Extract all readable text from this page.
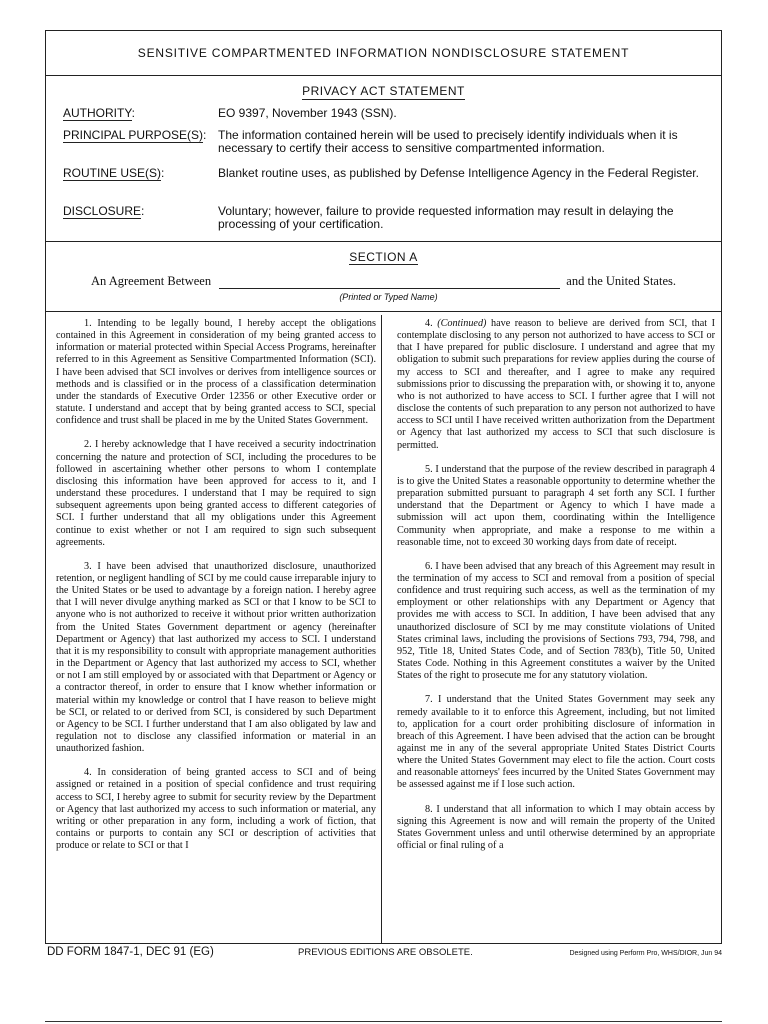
SENSITIVE COMPARTMENTED INFORMATION NONDISCLOSURE STATEMENT
PRIVACY ACT STATEMENT
AUTHORITY:	EO 9397, November 1943 (SSN).
PRINCIPAL PURPOSE(S): The information contained herein will be used to precisely identify individuals when it is necessary to certify their access to sensitive compartmented information.
ROUTINE USE(S):	Blanket routine uses, as published by Defense Intelligence Agency in the Federal Register.
DISCLOSURE:	Voluntary; however, failure to provide requested information may result in delaying the processing of your certification.
SECTION A
An Agreement Between	and the United States.
(Printed or Typed Name)

1. Intending to be legally bound, I hereby accept the obligations contained in this Agreement in consideration of my being granted access to information or material protected within Special Access Programs, hereinafter referred to in this Agreement as Sensitive Compartmented Information (SCI). I have been advised that SCI involves or derives from intelligence sources or methods and is classified or in the process of a classification determination under the standards of Executive Order 12356 or other Executive order or statute. I understand and accept that by being granted access to SCI, special confidence and trust shall be placed in me by the United States Government.

2. I hereby acknowledge that I have received a security indoctrination concerning the nature and protection of SCI, including the procedures to be followed in ascertaining whether other persons to whom I contemplate disclosing this information have been approved for access to it, and I understand these procedures. I understand that I may be required to sign subsequent agreements upon being granted access to different categories of SCI. I further understand that all my obligations under this Agreement continue to exist whether or not I am required to sign such subsequent agreements.

3. I have been advised that unauthorized disclosure, unauthorized retention, or negligent handling of SCI by me could cause irreparable injury to the United States or be used to advantage by a foreign nation. I hereby agree that I will never divulge anything marked as SCI or that I know to be SCI to anyone who is not authorized to receive it without prior written authorization from the United States Government department or agency (hereinafter Department or Agency) that last authorized my access to SCI. I understand that it is my responsibility to consult with appropriate management authorities in the Department or Agency that last authorized my access to SCI, whether or not I am still employed by or associated with that Department or Agency or a contractor thereof, in order to ensure that I know whether information or material within my knowledge or control that I have reason to believe might be SCI, or related to or derived from SCI, is considered by such Department or Agency to be SCI. I further understand that I am also obligated by law and regulation not to disclose any classified information or material in an unauthorized fashion.

4. In consideration of being granted access to SCI and of being assigned or retained in a position of special confidence and trust requiring access to SCI, I hereby agree to submit for security review by the Department or Agency that last authorized my access to such information or material, any writing or other preparation in any form, including a work of fiction, that contains or purports to contain any SCI or description of activities that produce or relate to SCI or that I

4. (Continued) have reason to believe are derived from SCI, that I contemplate disclosing to any person not authorized to have access to SCI or that I have prepared for public disclosure. I understand and agree that my obligation to submit such preparations for review applies during the course of my access to SCI and thereafter, and I agree to make any required submissions prior to discussing the preparation with, or showing it to, anyone who is not authorized to have access to SCI. I further agree that I will not disclose the contents of such preparation to any person not authorized to have access to SCI until I have received written authorization from the Department or Agency that last authorized my access to SCI that such disclosure is permitted.

5. I understand that the purpose of the review described in paragraph 4 is to give the United States a reasonable opportunity to determine whether the preparation submitted pursuant to paragraph 4 set forth any SCI. I further understand that the Department or Agency to which I have made a submission will act upon them, coordinating within the Intelligence Community when appropriate, and make a response to me within a reasonable time, not to exceed 30 working days from date of receipt.

6. I have been advised that any breach of this Agreement may result in the termination of my access to SCI and removal from a position of special confidence and trust requiring such access, as well as the termination of my employment or other relationships with any Department or Agency that provides me with access to SCI. In addition, I have been advised that any unauthorized disclosure of SCI by me may constitute violations of United States criminal laws, including the provisions of Sections 793, 794, 798, and 952, Title 18, United States Code, and of Section 783(b), Title 50, United States Code. Nothing in this Agreement constitutes a waiver by the United States of the right to prosecute me for any statutory violation.

7. I understand that the United States Government may seek any remedy available to it to enforce this Agreement, including, but not limited to, application for a court order prohibiting disclosure of information in breach of this Agreement. I have been advised that the action can be brought against me in any of the several appropriate United States District Courts where the United States Government may elect to file the action. Court costs and reasonable attorneys' fees incurred by the United States Government may be assessed against me if I lose such action.

8. I understand that all information to which I may obtain access by signing this Agreement is now and will remain the property of the United States Government unless and until otherwise determined by an appropriate official or final ruling of a

DD FORM 1847-1, DEC 91 (EG)	PREVIOUS EDITIONS ARE OBSOLETE.	Designed using Perform Pro, WHS/DIOR, Jun 94
